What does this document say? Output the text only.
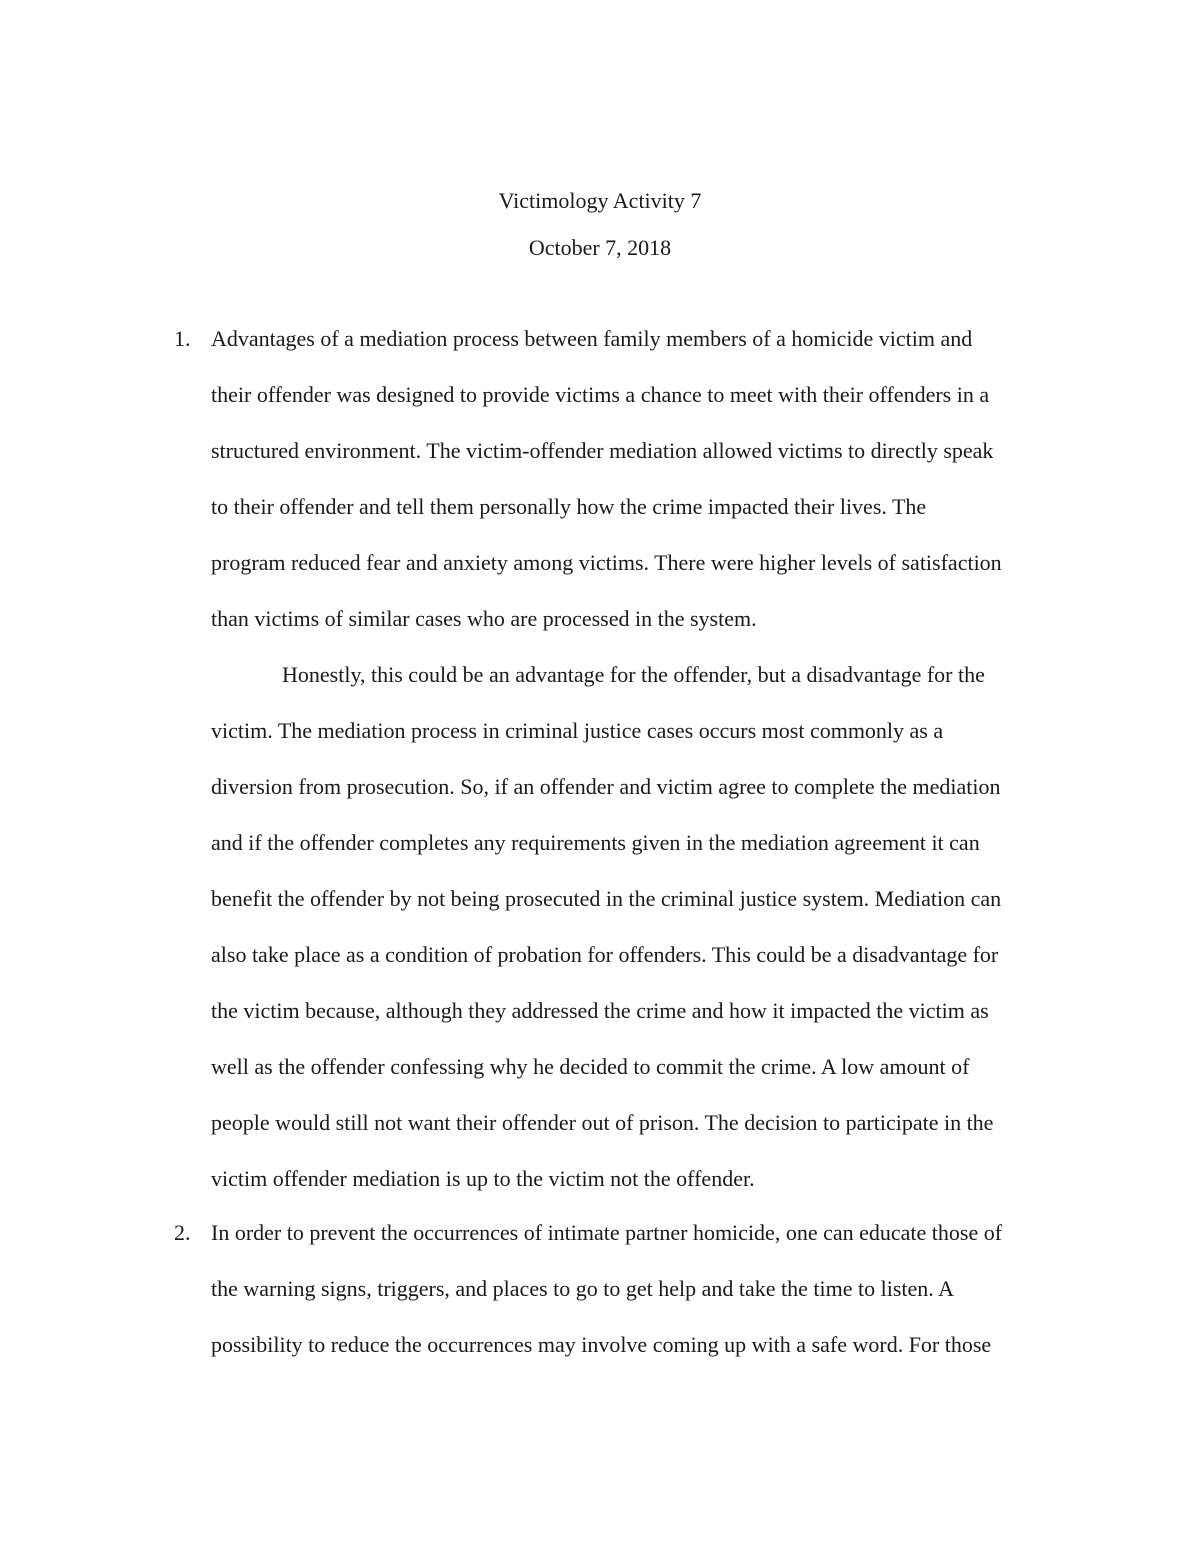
Victimology Activity 7
October 7, 2018
1. Advantages of a mediation process between family members of a homicide victim and
their offender was designed to provide victims a chance to meet with their offenders in a
structured environment. The victim-offender mediation allowed victims to directly speak
to their offender and tell them personally how the crime impacted their lives. The
program reduced fear and anxiety among victims. There were higher levels of satisfaction
than victims of similar cases who are processed in the system.

Honestly, this could be an advantage for the offender, but a disadvantage for the
victim. The mediation process in criminal justice cases occurs most commonly as a
diversion from prosecution. So, if an offender and victim agree to complete the mediation
and if the offender completes any requirements given in the mediation agreement it can
benefit the offender by not being prosecuted in the criminal justice system. Mediation can
also take place as a condition of probation for offenders. This could be a disadvantage for
the victim because, although they addressed the crime and how it impacted the victim as
well as the offender confessing why he decided to commit the crime. A low amount of
people would still not want their offender out of prison. The decision to participate in the
victim offender mediation is up to the victim not the offender.

2. In order to prevent the occurrences of intimate partner homicide, one can educate those of
the warning signs, triggers, and places to go to get help and take the time to listen. A
possibility to reduce the occurrences may involve coming up with a safe word. For those
